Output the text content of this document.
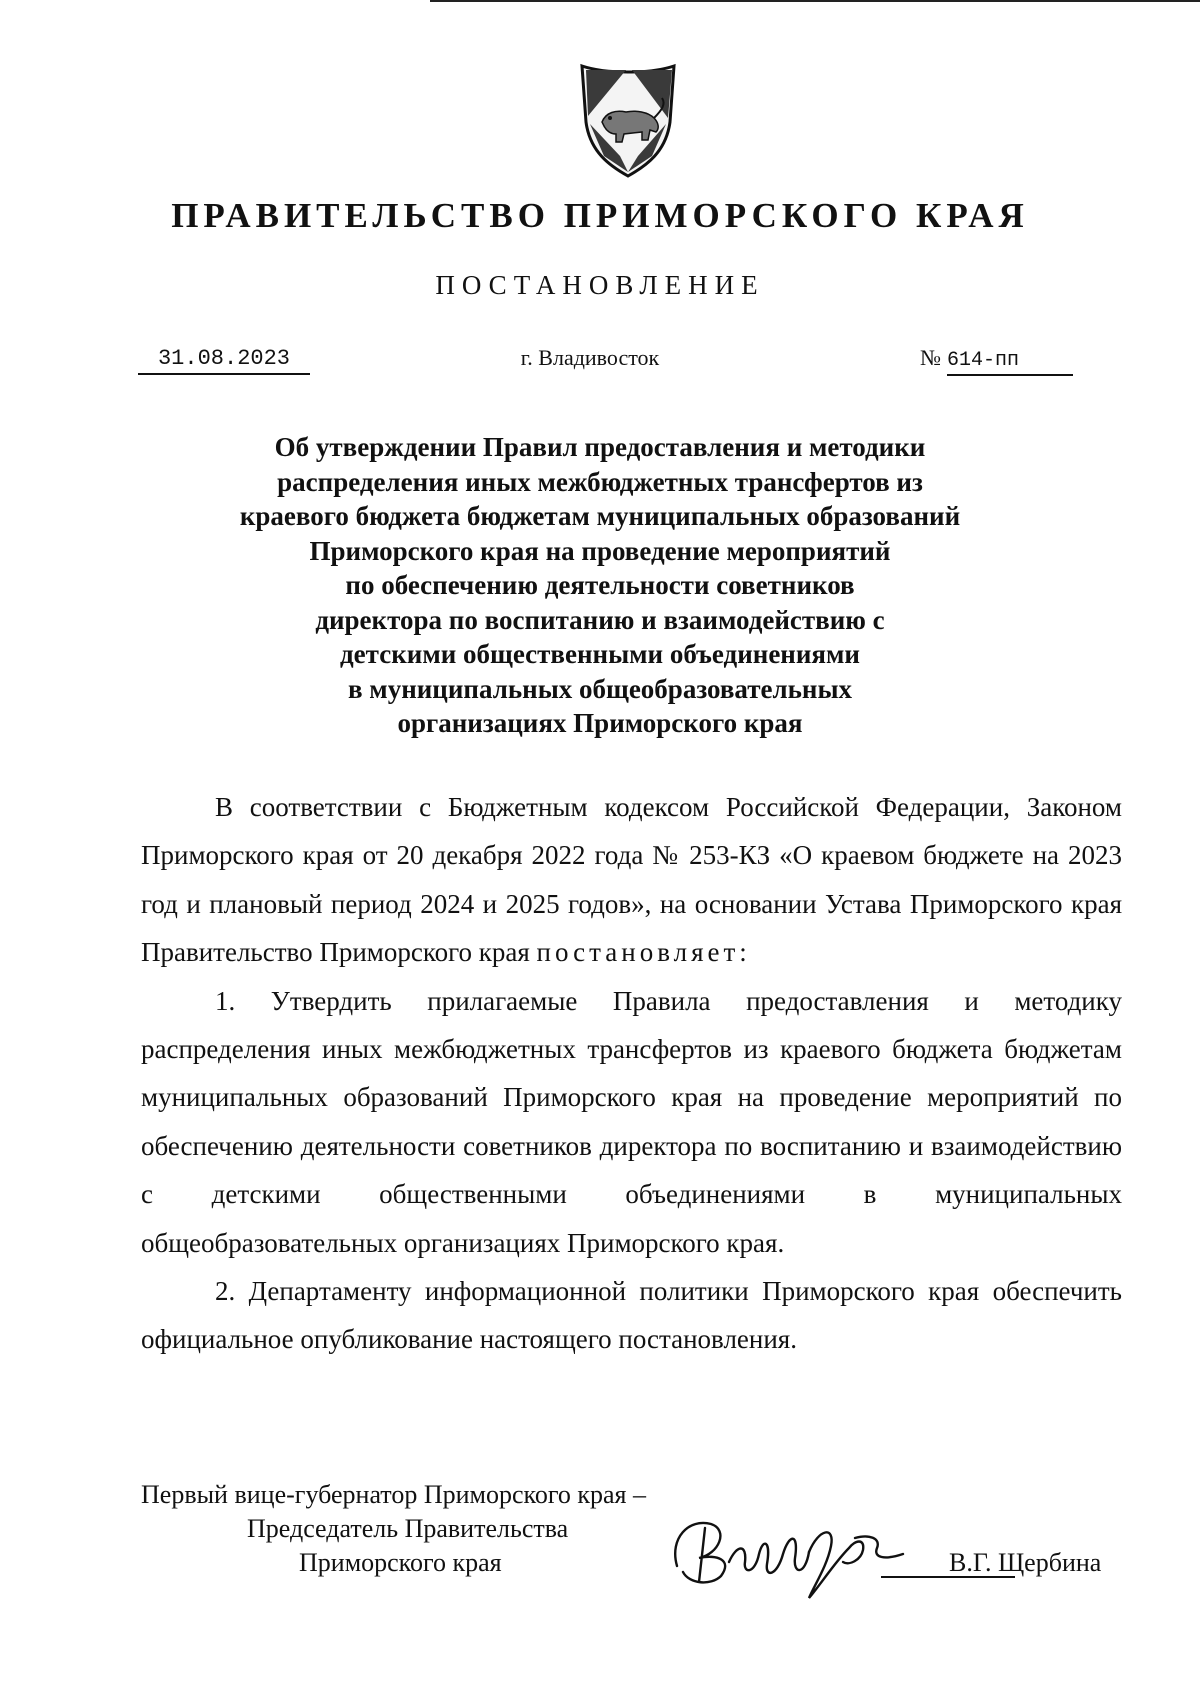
ПРАВИТЕЛЬСТВО ПРИМОРСКОГО КРАЯ
ПОСТАНОВЛЕНИЕ
31.08.2023	г. Владивосток	№ 614-пп
Об утверждении Правил предоставления и методики
распределения иных межбюджетных трансфертов из
краевого бюджета бюджетам муниципальных образований
Приморского края на проведение мероприятий
по обеспечению деятельности советников
директора по воспитанию и взаимодействию с
детскими общественными объединениями
в муниципальных общеобразовательных
организациях Приморского края

В соответствии с Бюджетным кодексом Российской Федерации, Законом Приморского края от 20 декабря 2022 года № 253-КЗ «О краевом бюджете на 2023 год и плановый период 2024 и 2025 годов», на основании Устава Приморского края Правительство Приморского края постановляет:

1. Утвердить прилагаемые Правила предоставления и методику распределения иных межбюджетных трансфертов из краевого бюджета бюджетам муниципальных образований Приморского края на проведение мероприятий по обеспечению деятельности советников директора по воспитанию и взаимодействию с детскими общественными объединениями в муниципальных общеобразовательных организациях Приморского края.

2. Департаменту информационной политики Приморского края обеспечить официальное опубликование настоящего постановления.

Первый вице-губернатор Приморского края –
Председатель Правительства
Приморского края	В.Г. Щербина
